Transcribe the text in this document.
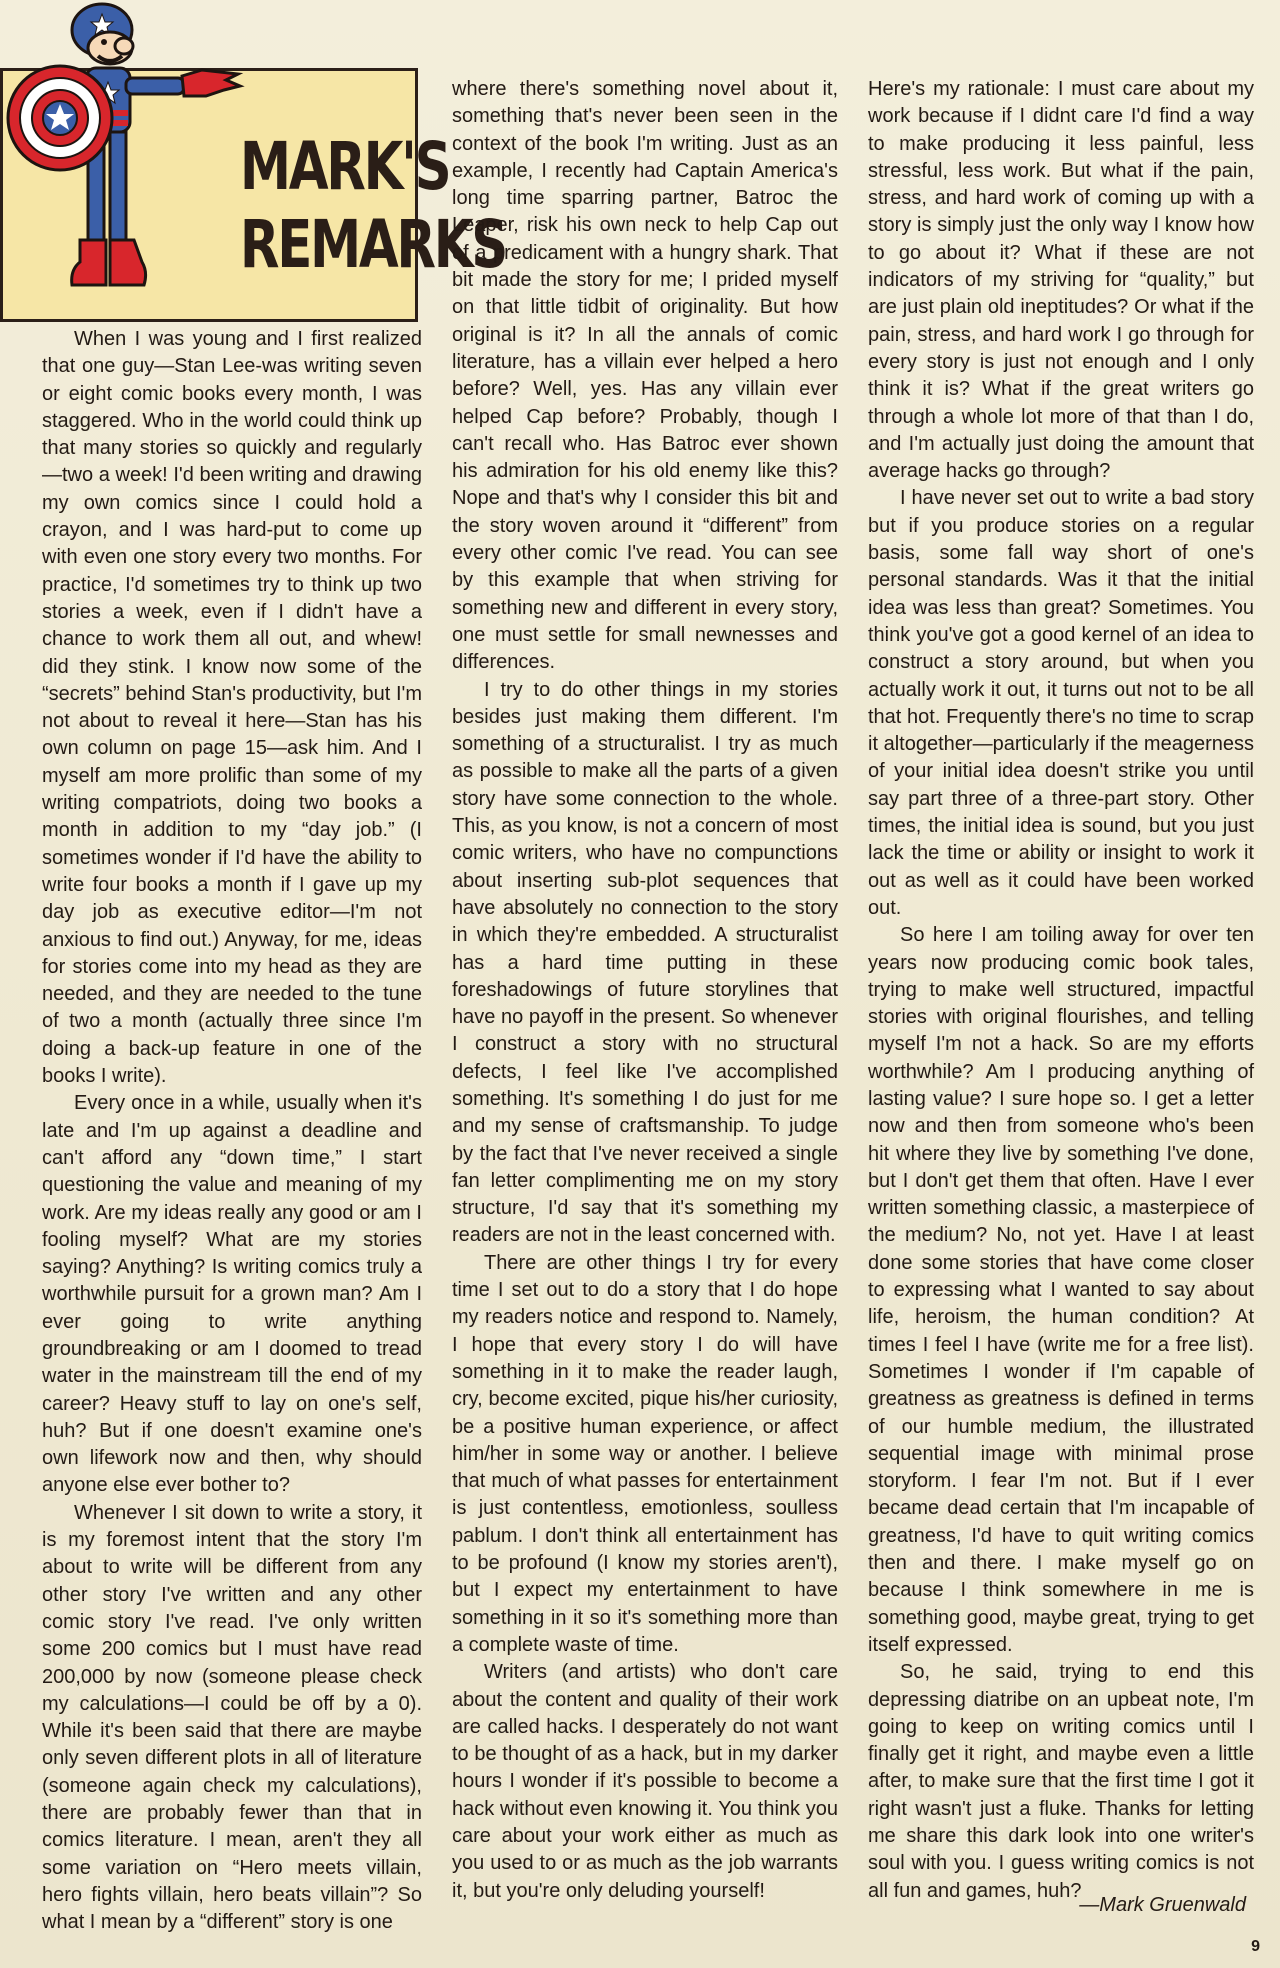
MARK'S
REMARKS

When I was young and I first realized that one guy—Stan Lee-was writing seven or eight comic books every month, I was staggered. Who in the world could think up that many stories so quickly and regularly—two a week! I'd been writing and drawing my own comics since I could hold a crayon, and I was hard-put to come up with even one story every two months. For practice, I'd sometimes try to think up two stories a week, even if I didn't have a chance to work them all out, and whew! did they stink. I know now some of the “secrets” behind Stan's productivity, but I'm not about to reveal it here—Stan has his own column on page 15—ask him. And I myself am more prolific than some of my writing compatriots, doing two books a month in addition to my “day job.” (I sometimes wonder if I'd have the ability to write four books a month if I gave up my day job as executive editor—I'm not anxious to find out.) Anyway, for me, ideas for stories come into my head as they are needed, and they are needed to the tune of two a month (actually three since I'm doing a back-up feature in one of the books I write).

Every once in a while, usually when it's late and I'm up against a deadline and can't afford any “down time,” I start questioning the value and meaning of my work. Are my ideas really any good or am I fooling myself? What are my stories saying? Anything? Is writing comics truly a worthwhile pursuit for a grown man? Am I ever going to write anything groundbreaking or am I doomed to tread water in the mainstream till the end of my career? Heavy stuff to lay on one's self, huh? But if one doesn't examine one's own lifework now and then, why should anyone else ever bother to?

Whenever I sit down to write a story, it is my foremost intent that the story I'm about to write will be different from any other story I've written and any other comic story I've read. I've only written some 200 comics but I must have read 200,000 by now (someone please check my calculations—I could be off by a 0). While it's been said that there are maybe only seven different plots in all of literature (someone again check my calculations), there are probably fewer than that in comics literature. I mean, aren't they all some variation on “Hero meets villain, hero fights villain, hero beats villain”? So what I mean by a “different” story is one

where there's something novel about it, something that's never been seen in the context of the book I'm writing. Just as an example, I recently had Captain America's long time sparring partner, Batroc the Leaper, risk his own neck to help Cap out of a predicament with a hungry shark. That bit made the story for me; I prided myself on that little tidbit of originality. But how original is it? In all the annals of comic literature, has a villain ever helped a hero before? Well, yes. Has any villain ever helped Cap before? Probably, though I can't recall who. Has Batroc ever shown his admiration for his old enemy like this? Nope and that's why I consider this bit and the story woven around it “different” from every other comic I've read. You can see by this example that when striving for something new and different in every story, one must settle for small newnesses and differences.

I try to do other things in my stories besides just making them different. I'm something of a structuralist. I try as much as possible to make all the parts of a given story have some connection to the whole. This, as you know, is not a concern of most comic writers, who have no compunctions about inserting sub-plot sequences that have absolutely no connection to the story in which they're embedded. A structuralist has a hard time putting in these foreshadowings of future storylines that have no payoff in the present. So whenever I construct a story with no structural defects, I feel like I've accomplished something. It's something I do just for me and my sense of craftsmanship. To judge by the fact that I've never received a single fan letter complimenting me on my story structure, I'd say that it's something my readers are not in the least concerned with.

There are other things I try for every time I set out to do a story that I do hope my readers notice and respond to. Namely, I hope that every story I do will have something in it to make the reader laugh, cry, become excited, pique his/her curiosity, be a positive human experience, or affect him/her in some way or another. I believe that much of what passes for entertainment is just contentless, emotionless, soulless pablum. I don't think all entertainment has to be profound (I know my stories aren't), but I expect my entertainment to have something in it so it's something more than a complete waste of time.

Writers (and artists) who don't care about the content and quality of their work are called hacks. I desperately do not want to be thought of as a hack, but in my darker hours I wonder if it's possible to become a hack without even knowing it. You think you care about your work either as much as you used to or as much as the job warrants it, but you're only deluding yourself!

Here's my rationale: I must care about my work because if I didnt care I'd find a way to make producing it less painful, less stressful, less work. But what if the pain, stress, and hard work of coming up with a story is simply just the only way I know how to go about it? What if these are not indicators of my striving for “quality,” but are just plain old ineptitudes? Or what if the pain, stress, and hard work I go through for every story is just not enough and I only think it is? What if the great writers go through a whole lot more of that than I do, and I'm actually just doing the amount that average hacks go through?

I have never set out to write a bad story but if you produce stories on a regular basis, some fall way short of one's personal standards. Was it that the initial idea was less than great? Sometimes. You think you've got a good kernel of an idea to construct a story around, but when you actually work it out, it turns out not to be all that hot. Frequently there's no time to scrap it altogether—particularly if the meagerness of your initial idea doesn't strike you until say part three of a three-part story. Other times, the initial idea is sound, but you just lack the time or ability or insight to work it out as well as it could have been worked out.

So here I am toiling away for over ten years now producing comic book tales, trying to make well structured, impactful stories with original flourishes, and telling myself I'm not a hack. So are my efforts worthwhile? Am I producing anything of lasting value? I sure hope so. I get a letter now and then from someone who's been hit where they live by something I've done, but I don't get them that often. Have I ever written something classic, a masterpiece of the medium? No, not yet. Have I at least done some stories that have come closer to expressing what I wanted to say about life, heroism, the human condition? At times I feel I have (write me for a free list). Sometimes I wonder if I'm capable of greatness as greatness is defined in terms of our humble medium, the illustrated sequential image with minimal prose storyform. I fear I'm not. But if I ever became dead certain that I'm incapable of greatness, I'd have to quit writing comics then and there. I make myself go on because I think somewhere in me is something good, maybe great, trying to get itself expressed.

So, he said, trying to end this depressing diatribe on an upbeat note, I'm going to keep on writing comics until I finally get it right, and maybe even a little after, to make sure that the first time I got it right wasn't just a fluke. Thanks for letting me share this dark look into one writer's soul with you. I guess writing comics is not all fun and games, huh?

—Mark Gruenwald
9
